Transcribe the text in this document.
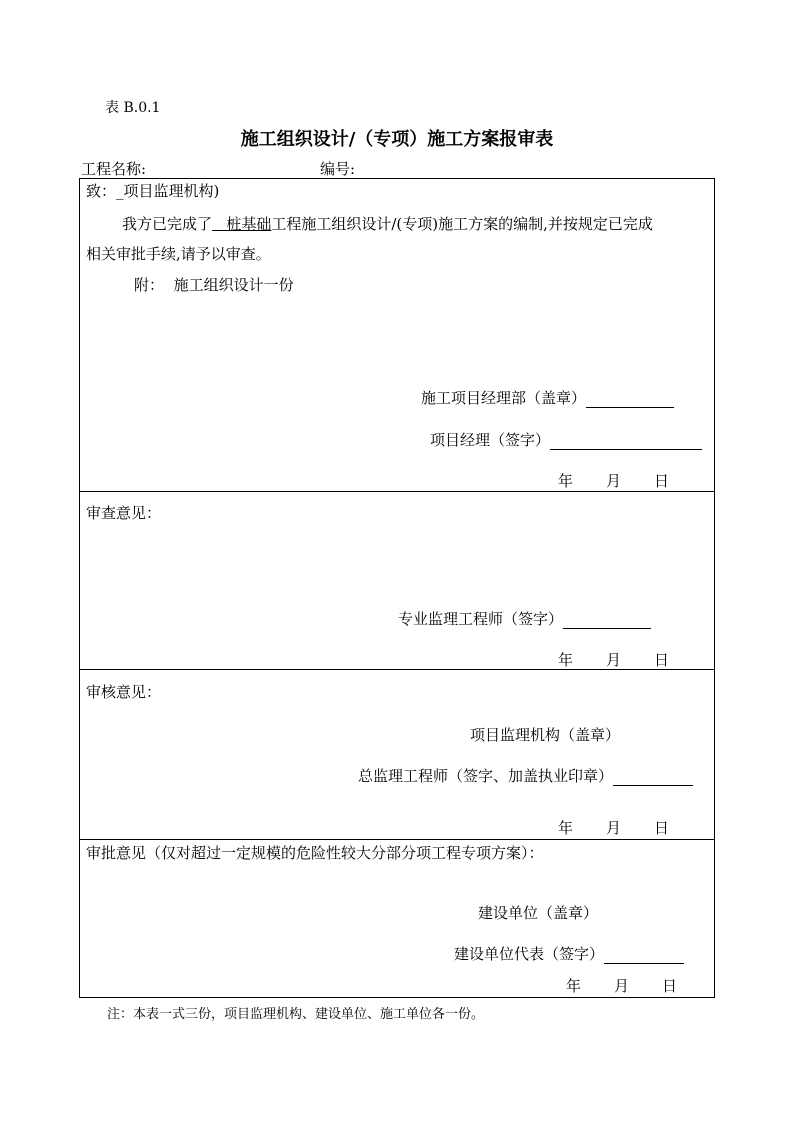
表 B.0.1
施工组织设计/（专项）施工方案报审表
工程名称:	编号:
致：_项目监理机构)
我方已完成了   桩基础工程施工组织设计/(专项)施工方案的编制,并按规定已完成
相关审批手续,请予以审查。
附： 施工组织设计一份
施工项目经理部（盖章）
项目经理（签字）
年 月 日
审查意见：
专业监理工程师（签字）
年 月 日
审核意见：
项目监理机构（盖章）
总监理工程师（签字、加盖执业印章）
年 月 日
审批意见（仅对超过一定规模的危险性较大分部分项工程专项方案）：
建设单位（盖章）
建设单位代表（签字）
年 月 日
注：本表一式三份，项目监理机构、建设单位、施工单位各一份。
